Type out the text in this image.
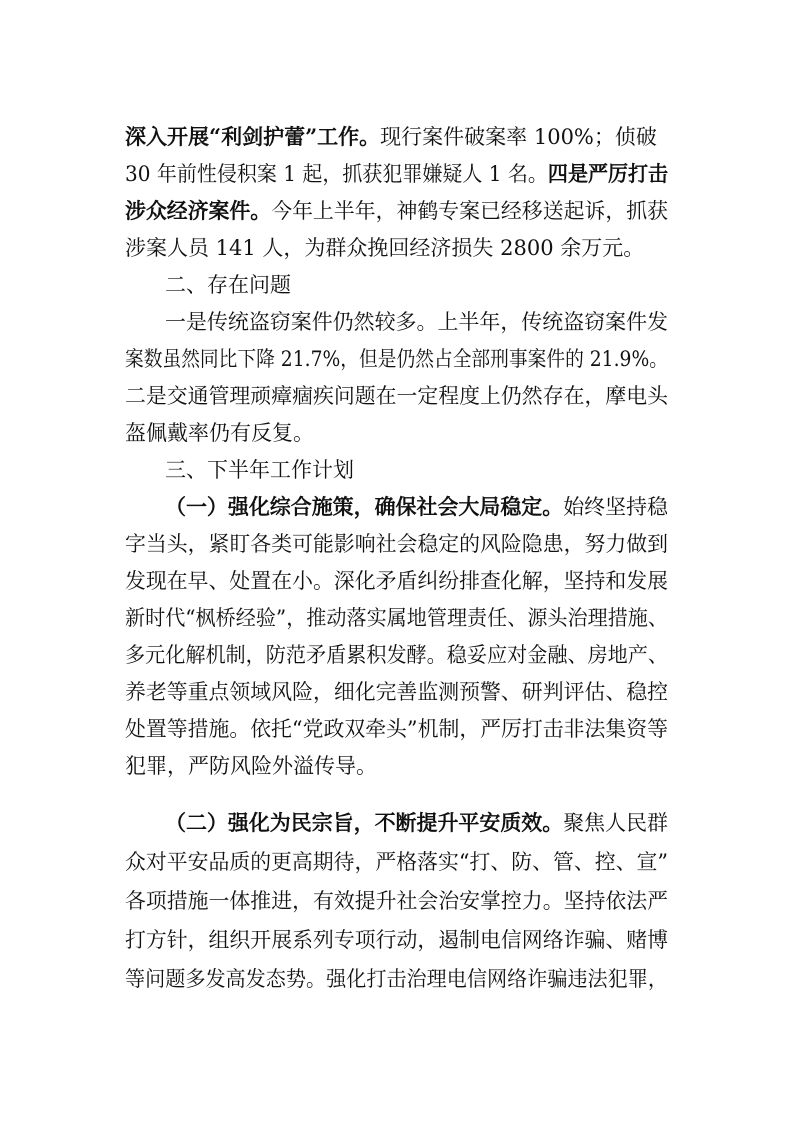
深入开展“利剑护蕾”工作。现行案件破案率 100%；侦破
30 年前性侵积案 1 起，抓获犯罪嫌疑人 1 名。四是严厉打击
涉众经济案件。今年上半年，神鹤专案已经移送起诉，抓获
涉案人员 141 人，为群众挽回经济损失 2800 余万元。
二、存在问题
一是传统盗窃案件仍然较多。上半年，传统盗窃案件发
案数虽然同比下降 21.7%，但是仍然占全部刑事案件的 21.9%。
二是交通管理顽瘴痼疾问题在一定程度上仍然存在，摩电头
盔佩戴率仍有反复。
三、下半年工作计划
（一）强化综合施策，确保社会大局稳定。始终坚持稳
字当头，紧盯各类可能影响社会稳定的风险隐患，努力做到
发现在早、处置在小。深化矛盾纠纷排查化解，坚持和发展
新时代“枫桥经验”，推动落实属地管理责任、源头治理措施、
多元化解机制，防范矛盾累积发酵。稳妥应对金融、房地产、
养老等重点领域风险，细化完善监测预警、研判评估、稳控
处置等措施。依托“党政双牵头”机制，严厉打击非法集资等
犯罪，严防风险外溢传导。
（二）强化为民宗旨，不断提升平安质效。聚焦人民群
众对平安品质的更高期待，严格落实“打、防、管、控、宣”
各项措施一体推进，有效提升社会治安掌控力。坚持依法严
打方针，组织开展系列专项行动，遏制电信网络诈骗、赌博
等问题多发高发态势。强化打击治理电信网络诈骗违法犯罪，
